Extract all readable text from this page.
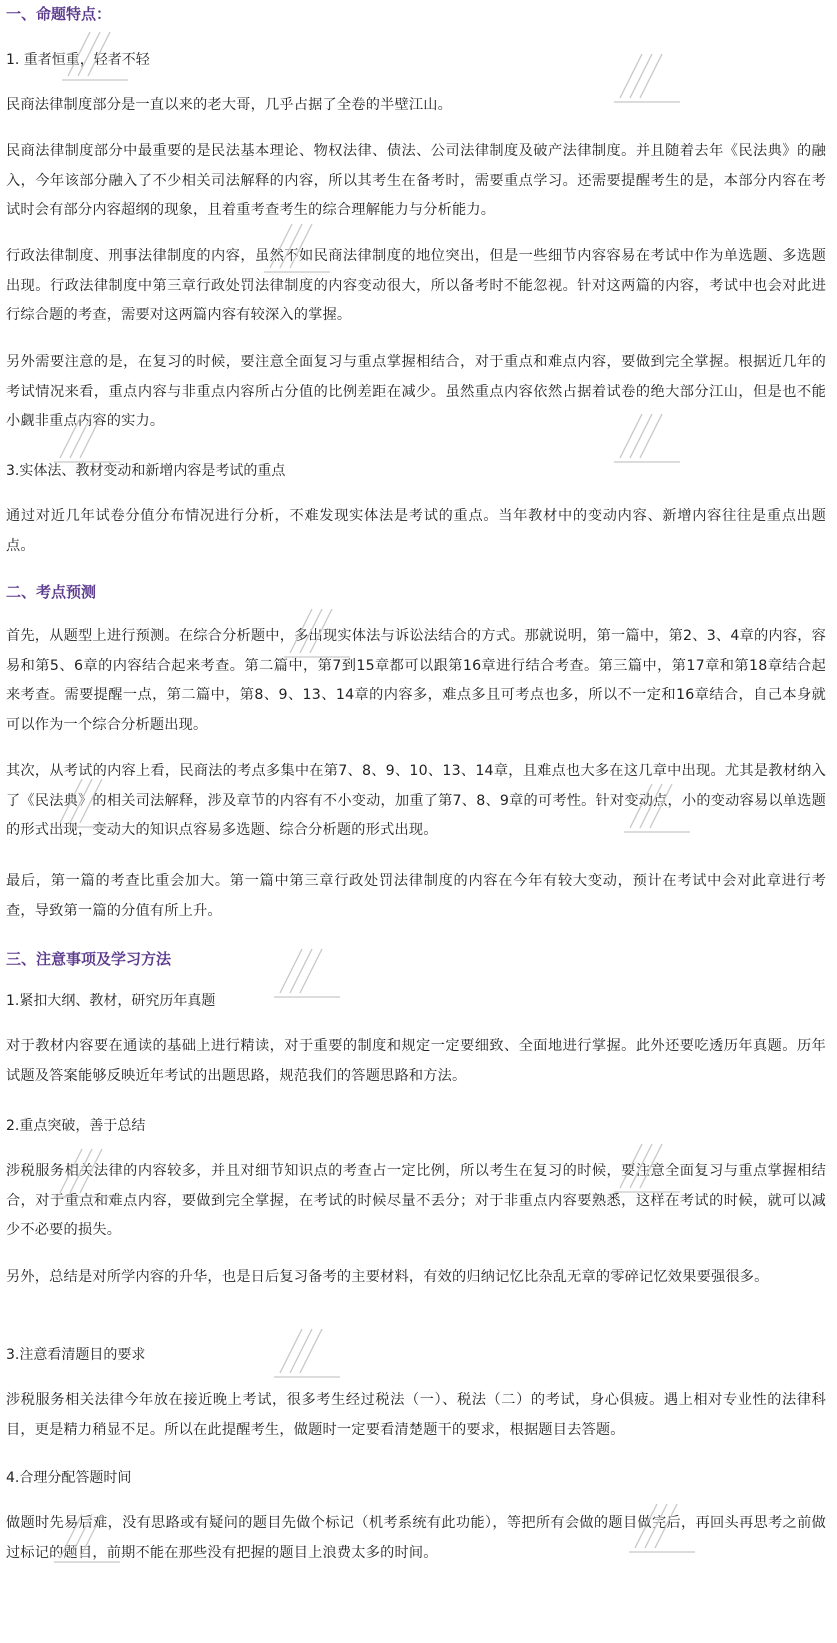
一、命题特点：
1. 重者恒重，轻者不轻
民商法律制度部分是一直以来的老大哥，几乎占据了全卷的半壁江山。
民商法律制度部分中最重要的是民法基本理论、物权法律、债法、公司法律制度及破产法律制度。并且随着去年《民法典》的融入，今年该部分融入了不少相关司法解释的内容，所以其考生在备考时，需要重点学习。还需要提醒考生的是，本部分内容在考试时会有部分内容超纲的现象，且着重考查考生的综合理解能力与分析能力。
行政法律制度、刑事法律制度的内容，虽然不如民商法律制度的地位突出，但是一些细节内容容易在考试中作为单选题、多选题出现。行政法律制度中第三章行政处罚法律制度的内容变动很大，所以备考时不能忽视。针对这两篇的内容，考试中也会对此进行综合题的考查，需要对这两篇内容有较深入的掌握。
另外需要注意的是，在复习的时候，要注意全面复习与重点掌握相结合，对于重点和难点内容，要做到完全掌握。根据近几年的考试情况来看，重点内容与非重点内容所占分值的比例差距在减少。虽然重点内容依然占据着试卷的绝大部分江山，但是也不能小觑非重点内容的实力。
3.实体法、教材变动和新增内容是考试的重点
通过对近几年试卷分值分布情况进行分析，不难发现实体法是考试的重点。当年教材中的变动内容、新增内容往往是重点出题点。
二、考点预测
首先，从题型上进行预测。在综合分析题中，多出现实体法与诉讼法结合的方式。那就说明，第一篇中，第2、3、4章的内容，容易和第5、6章的内容结合起来考查。第二篇中，第7到15章都可以跟第16章进行结合考查。第三篇中，第17章和第18章结合起来考查。需要提醒一点，第二篇中，第8、9、13、14章的内容多，难点多且可考点也多，所以不一定和16章结合，自己本身就可以作为一个综合分析题出现。
其次，从考试的内容上看，民商法的考点多集中在第7、8、9、10、13、14章，且难点也大多在这几章中出现。尤其是教材纳入了《民法典》的相关司法解释，涉及章节的内容有不小变动，加重了第7、8、9章的可考性。针对变动点，小的变动容易以单选题的形式出现，变动大的知识点容易多选题、综合分析题的形式出现。
最后，第一篇的考查比重会加大。第一篇中第三章行政处罚法律制度的内容在今年有较大变动，预计在考试中会对此章进行考查，导致第一篇的分值有所上升。
三、注意事项及学习方法
1.紧扣大纲、教材，研究历年真题
对于教材内容要在通读的基础上进行精读，对于重要的制度和规定一定要细致、全面地进行掌握。此外还要吃透历年真题。历年试题及答案能够反映近年考试的出题思路，规范我们的答题思路和方法。
2.重点突破，善于总结
涉税服务相关法律的内容较多，并且对细节知识点的考查占一定比例，所以考生在复习的时候，要注意全面复习与重点掌握相结合，对于重点和难点内容，要做到完全掌握，在考试的时候尽量不丢分；对于非重点内容要熟悉，这样在考试的时候，就可以减少不必要的损失。
另外，总结是对所学内容的升华，也是日后复习备考的主要材料，有效的归纳记忆比杂乱无章的零碎记忆效果要强很多。
3.注意看清题目的要求
涉税服务相关法律今年放在接近晚上考试，很多考生经过税法（一）、税法（二）的考试，身心俱疲。遇上相对专业性的法律科目，更是精力稍显不足。所以在此提醒考生，做题时一定要看清楚题干的要求，根据题目去答题。
4.合理分配答题时间
做题时先易后难，没有思路或有疑问的题目先做个标记（机考系统有此功能），等把所有会做的题目做完后，再回头再思考之前做过标记的题目，前期不能在那些没有把握的题目上浪费太多的时间。
